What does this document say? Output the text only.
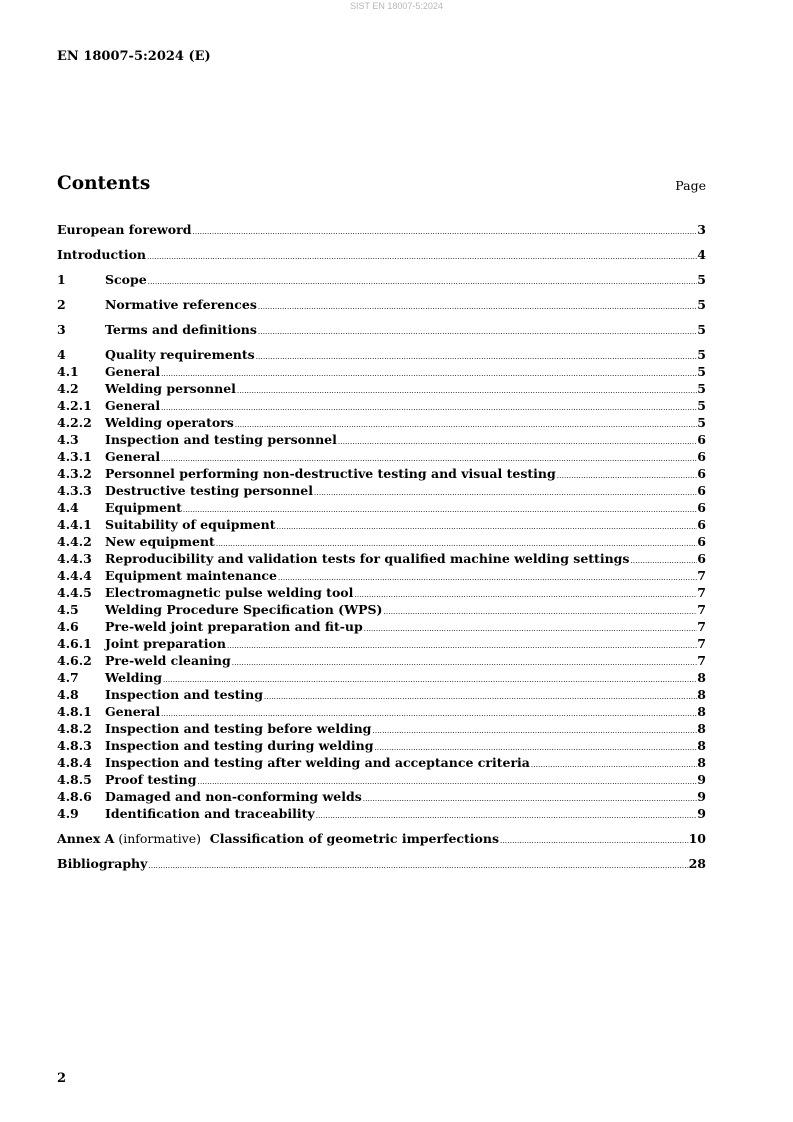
SIST EN 18007-5:2024
EN 18007-5:2024 (E)
Contents	Page
European foreword .....	3
Introduction .....	4
1	Scope .....	5
2	Normative references .....	5
3	Terms and definitions .....	5
4	Quality requirements .....	5
4.1	General .....	5
4.2	Welding personnel .....	5
4.2.1	General .....	5
4.2.2	Welding operators .....	5
4.3	Inspection and testing personnel .....	6
4.3.1	General .....	6
4.3.2	Personnel performing non-destructive testing and visual testing .....	6
4.3.3	Destructive testing personnel .....	6
4.4	Equipment .....	6
4.4.1	Suitability of equipment .....	6
4.4.2	New equipment .....	6
4.4.3	Reproducibility and validation tests for qualified machine welding settings .....	6
4.4.4	Equipment maintenance .....	7
4.4.5	Electromagnetic pulse welding tool .....	7
4.5	Welding Procedure Specification (WPS) .....	7
4.6	Pre-weld joint preparation and fit-up .....	7
4.6.1	Joint preparation .....	7
4.6.2	Pre-weld cleaning .....	7
4.7	Welding .....	8
4.8	Inspection and testing .....	8
4.8.1	General .....	8
4.8.2	Inspection and testing before welding .....	8
4.8.3	Inspection and testing during welding .....	8
4.8.4	Inspection and testing after welding and acceptance criteria .....	8
4.8.5	Proof testing .....	9
4.8.6	Damaged and non-conforming welds .....	9
4.9	Identification and traceability .....	9
Annex A (informative) Classification of geometric imperfections .....	10
Bibliography .....	28
2
